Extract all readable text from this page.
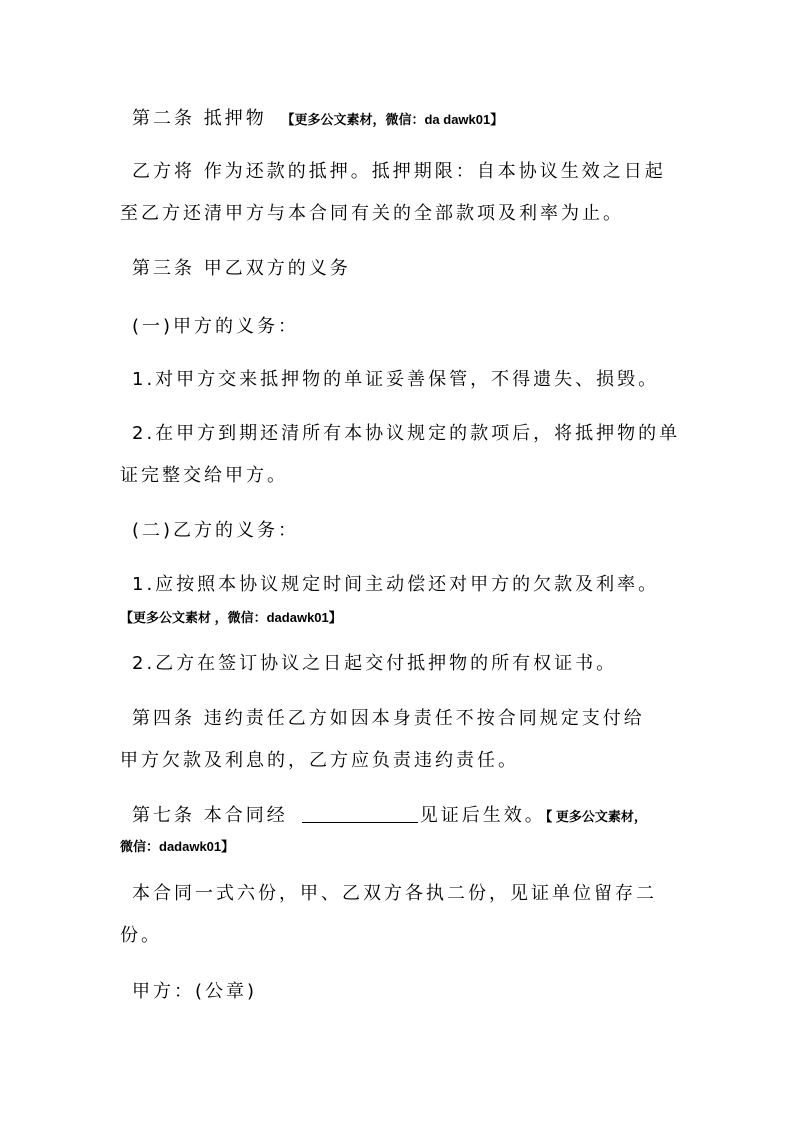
第二条 抵押物 【更多公文素材，微信：da dawk01】
乙方将 作为还款的抵押。抵押期限：自本协议生效之日起
至乙方还清甲方与本合同有关的全部款项及利率为止。
第三条 甲乙双方的义务
(一)甲方的义务：
1.对甲方交来抵押物的单证妥善保管，不得遗失、损毁。
2.在甲方到期还清所有本协议规定的款项后，将抵押物的单
证完整交给甲方。
(二)乙方的义务：
1.应按照本协议规定时间主动偿还对甲方的欠款及利率。
【更多公文素材 ，微信：dadawk01】
2.乙方在签订协议之日起交付抵押物的所有权证书。
第四条 违约责任乙方如因本身责任不按合同规定支付给
甲方欠款及利息的，乙方应负责违约责任。
第七条 本合同经	见证后生效。【 更多公文素材，
微信：dadawk01】
本合同一式六份，甲、乙双方各执二份，见证单位留存二
份。
甲方：(公章)
